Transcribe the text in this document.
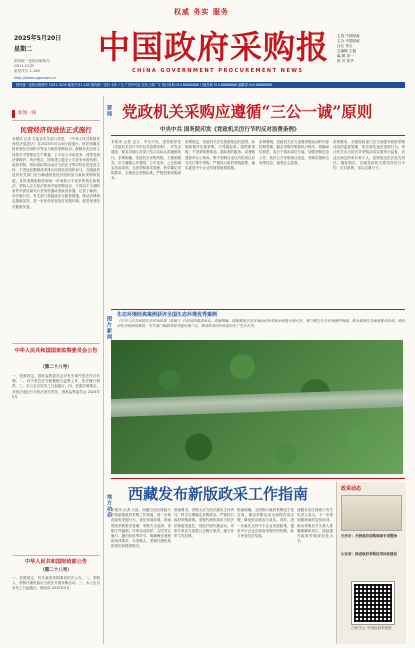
权威 务实 服务
2025年5月20日
星期二
国内统一连续出版物号
CN11-0235
邮发代号 1-185
http://www.cgpnews.cn
中国政府采购报
CHINA GOVERNMENT PROCUREMENT NEWS
主管 中国财政
主办 中国财政
社长 李文
总编辑 王磊
编 辑 刘一
校 对 张华
国内统一连续出版物号 CN11-0235 邮发代号1-185 国内统一定价 全年 / 元 广告许可证 京东工商广字 发行咨询 010-88888888 订阅咨询 010-88888888 编辑部 010-88888888
新闻一线
民营经济促进法正式施行
本报讯 记者 日前从有关部门获悉，《中华人民共和国民营经济促进法》自2025年5月20日起施行。该法明确支持民营经济组织平等参与政府采购活动，保障各类经营主体依法平等使用生产要素、公平参与市场竞争、同等受到法律保护。该法规定，国家建立健全公平竞争审查机制，政府采购、招标投标等活动应当依法平等对待各类经营主体，不得违法限制或者排斥民营经济组织参与。各级政府及其有关部门应当畅通民营经济组织参与政府采购的渠道，及时清理废除妨碍统一市场和公平竞争的规定和做法。采购人应当依法依规开展采购活动，不得以不合理的条件对供应商实行差别待遇或者歧视待遇。记者了解到，该法施行后，有关部门将陆续出台配套措施，推动法律规定落地见效，进一步优化民营经济发展环境，促进民营经济健康发展。
中华人民共和国国家监察委员会公告
（第二十八号）
一、依照规定，国家监察委员会对有关案件依法作出处理。二、有关单位应当积极配合监察工作，依法履行职责。三、本公告自发布之日起施行。四、依照法律规定，对违法违纪行为依法追究责任。国家监察委员会 2025年5月
中华人民共和国财政部公告
（第二十八号）
一、依照规定，有关政府采购事项依法公告。二、采购人、采购代理机构应当依法开展采购活动。三、本公告自发布之日起施行。财政部 2025年5月
要闻 党政机关采购应遵循“三公一诚”原则
中央中共 国务院印发《党政机关厉行节约反对浪费条例》
本报讯 记者 近日，中共中央、国务院印发《党政机关厉行节约反对浪费条例》，并发出通知，要求各地区各部门结合实际认真遵照执行。条例明确，党政机关采购货物、工程和服务，应当遵循公开透明、公平竞争、公正和诚实信用原则，完善采购需求管理，科学确定采购需求，合理设定采购标准，严格控制采购成本。
条例规定，党政机关应当按照规定的范围、标准和程序实施采购，不得超标准、超预算采购，不得采购奢侈品、超标准的服务，或者购建豪华办公场所。集中采购目录以内的项目应当实行集中采购，严格执行政府采购政策，落实促进中小企业发展等政策措施。
条例强调，党政机关应当加强采购活动的内部控制管理，健全采购决策和执行程序，明确岗位职责，实行不相容岗位分离。加强采购信息公开，依法公开采购项目信息、采购结果和合同等信息，接受社会监督。
条例要求，各级财政部门应当加强对政府采购活动的监督管理，依法查处违法违规行为。审计机关应当依法对采购活动实施审计监督。对违反规定的单位和个人，依规依纪依法追究责任。通知指出，各级党政机关要坚持厉行节约、反对浪费，带头过紧日子。
图片新闻
生态环境经典案例获评全国生态环境优秀案例
《中华人民共和国生态环境法典（草案）》日前首次提请审议。草案明确，国家推进生态环境治理体系和治理能力现代化，建立健全生态环境保护制度。图为某地生态廊道建设成效。政府绿色采购持续推进，有关部门鼓励采购节能环保产品，推动形成绿色低碳的生产生活方式。
地方动态 西藏发布新版政采工作指南
本报讯 记者 日前，西藏自治区财政厅印发新版政府采购工作指南，进一步规范政府采购行为，优化营商环境。指南围绕采购需求管理、采购方式选择、采购文件编制、评审活动组织、合同签订履行、履约验收等环节，明确操作流程和具体要求，为采购人、采购代理机构和供应商提供指引。
指南要求，采购人应当依法落实主体责任，科学合理确定采购需求，严格执行政府采购政策。采购代理机构应当依法依规接受委托，规范开展代理活动。评审专家应当客观公正履行职责，遵守评审工作纪律。
指南明确，全面推行政府采购电子化交易，推动采购活动全流程在线办理，降低供应商参与成本。同时，进一步落实支持中小企业发展政策，提高中小企业在政府采购中的份额，助力民营经济发展。
西藏自治区财政厅有关负责人表示，下一步将加强指南的宣传培训，推动采购各方当事人准确理解和执行，持续提升政府采购规范化水平。
政采动态
长沙市：开展政府采购领域专项整治
山东省：推进政府采购信用体系建设
扫码关注 中国政府采购报
